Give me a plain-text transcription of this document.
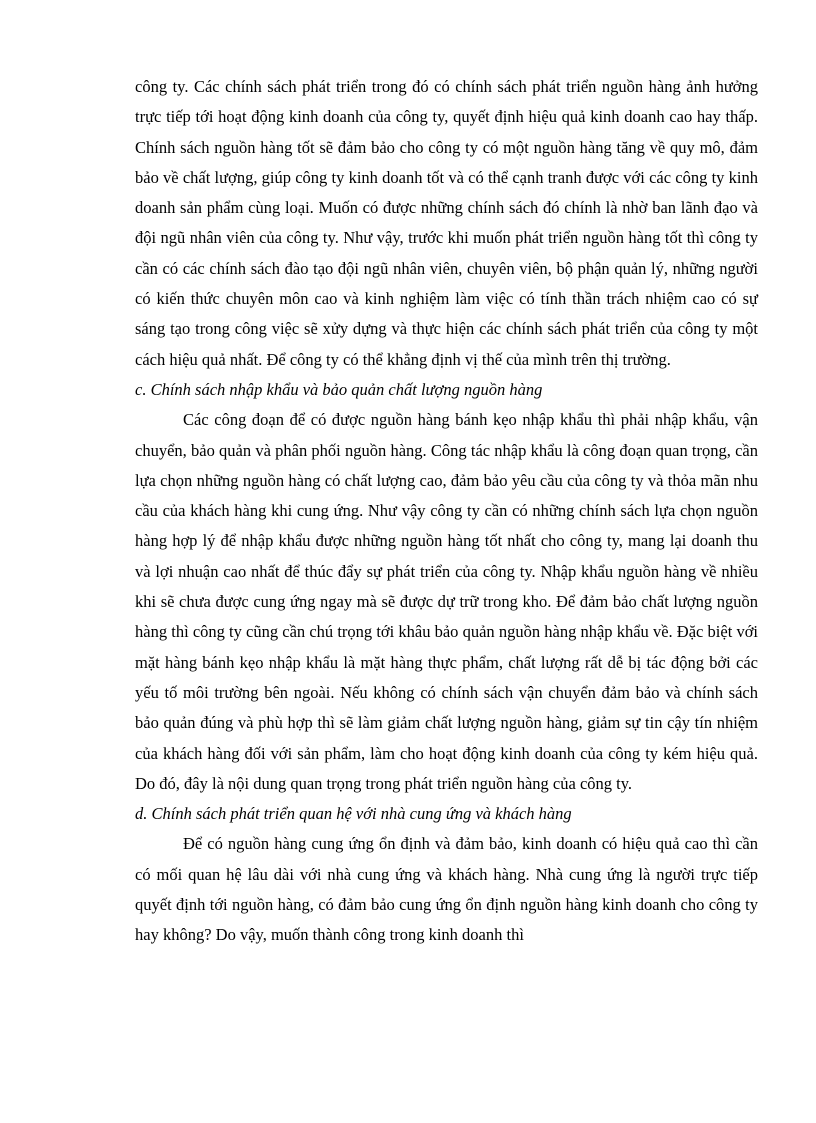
công ty. Các chính sách phát triển trong đó có chính sách phát triển nguồn hàng ảnh hưởng trực tiếp tới hoạt động kinh doanh của công ty, quyết định hiệu quả kinh doanh cao hay thấp. Chính sách nguồn hàng tốt sẽ đảm bảo cho công ty có một nguồn hàng tăng về quy mô, đảm bảo về chất lượng, giúp công ty kinh doanh tốt và có thể cạnh tranh được với các công ty kinh doanh sản phẩm cùng loại. Muốn có được những chính sách đó chính là nhờ ban lãnh đạo và đội ngũ nhân viên của công ty. Như vậy, trước khi muốn phát triển nguồn hàng tốt thì công ty cần có các chính sách đào tạo đội ngũ nhân viên, chuyên viên, bộ phận quản lý, những người có kiến thức chuyên môn cao và kinh nghiệm làm việc có tính thần trách nhiệm cao có sự sáng tạo trong công việc sẽ xửy dựng và thực hiện các chính sách phát triển của công ty một cách hiệu quả nhất. Để công ty có thể khẳng định vị thế của mình trên thị trường.

c. Chính sách nhập khẩu và bảo quản chất lượng nguồn hàng

Các công đoạn để có được nguồn hàng bánh kẹo nhập khẩu thì phải nhập khẩu, vận chuyển, bảo quản và phân phối nguồn hàng. Công tác nhập khẩu là công đoạn quan trọng, cần lựa chọn những nguồn hàng có chất lượng cao, đảm bảo yêu cầu của công ty và thỏa mãn nhu cầu của khách hàng khi cung ứng. Như vậy công ty cần có những chính sách lựa chọn nguồn hàng hợp lý để nhập khẩu được những nguồn hàng tốt nhất cho công ty, mang lại doanh thu và lợi nhuận cao nhất để thúc đẩy sự phát triển của công ty. Nhập khẩu nguồn hàng về nhiều khi sẽ chưa được cung ứng ngay mà sẽ được dự trữ trong kho. Để đảm bảo chất lượng nguồn hàng thì công ty cũng cần chú trọng tới khâu bảo quản nguồn hàng nhập khẩu về. Đặc biệt với mặt hàng bánh kẹo nhập khẩu là mặt hàng thực phẩm, chất lượng rất dễ bị tác động bởi các yếu tố môi trường bên ngoài. Nếu không có chính sách vận chuyển đảm bảo và chính sách bảo quản đúng và phù hợp thì sẽ làm giảm chất lượng nguồn hàng, giảm sự tin cậy tín nhiệm của khách hàng đối với sản phẩm, làm cho hoạt động kinh doanh của công ty kém hiệu quả. Do đó, đây là nội dung quan trọng trong phát triển nguồn hàng của công ty.

d. Chính sách phát triển quan hệ với nhà cung ứng và khách hàng

Để có nguồn hàng cung ứng ổn định và đảm bảo, kinh doanh có hiệu quả cao thì cần có mối quan hệ lâu dài với nhà cung ứng và khách hàng. Nhà cung ứng là người trực tiếp quyết định tới nguồn hàng, có đảm bảo cung ứng ổn định nguồn hàng kinh doanh cho công ty hay không? Do vậy, muốn thành công trong kinh doanh thì
